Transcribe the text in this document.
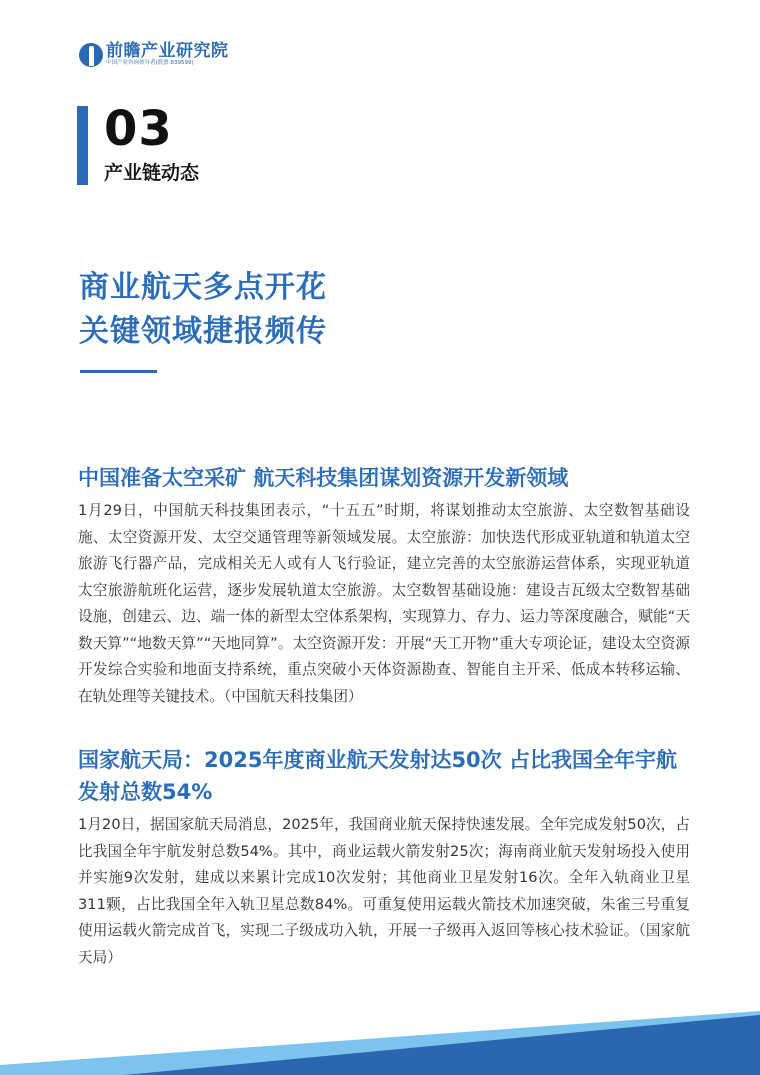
前瞻产业研究院
中国产业咨询领导者(股票:839599)
03
产业链动态
商业航天多点开花
关键领域捷报频传
中国准备太空采矿 航天科技集团谋划资源开发新领域
1月29日，中国航天科技集团表示，“十五五”时期，将谋划推动太空旅游、太空数智基础设施、太空资源开发、太空交通管理等新领域发展。太空旅游：加快迭代形成亚轨道和轨道太空旅游飞行器产品，完成相关无人或有人飞行验证，建立完善的太空旅游运营体系，实现亚轨道太空旅游航班化运营，逐步发展轨道太空旅游。太空数智基础设施：建设吉瓦级太空数智基础设施，创建云、边、端一体的新型太空体系架构，实现算力、存力、运力等深度融合，赋能“天数天算”“地数天算”“天地同算”。太空资源开发：开展“天工开物”重大专项论证，建设太空资源开发综合实验和地面支持系统，重点突破小天体资源勘查、智能自主开采、低成本转移运输、在轨处理等关键技术。（中国航天科技集团）
国家航天局：2025年度商业航天发射达50次 占比我国全年宇航发射总数54%
1月20日，据国家航天局消息，2025年，我国商业航天保持快速发展。全年完成发射50次，占比我国全年宇航发射总数54%。其中，商业运载火箭发射25次；海南商业航天发射场投入使用并实施9次发射，建成以来累计完成10次发射；其他商业卫星发射16次。全年入轨商业卫星311颗，占比我国全年入轨卫星总数84%。可重复使用运载火箭技术加速突破，朱雀三号重复使用运载火箭完成首飞，实现二子级成功入轨，开展一子级再入返回等核心技术验证。（国家航天局）
